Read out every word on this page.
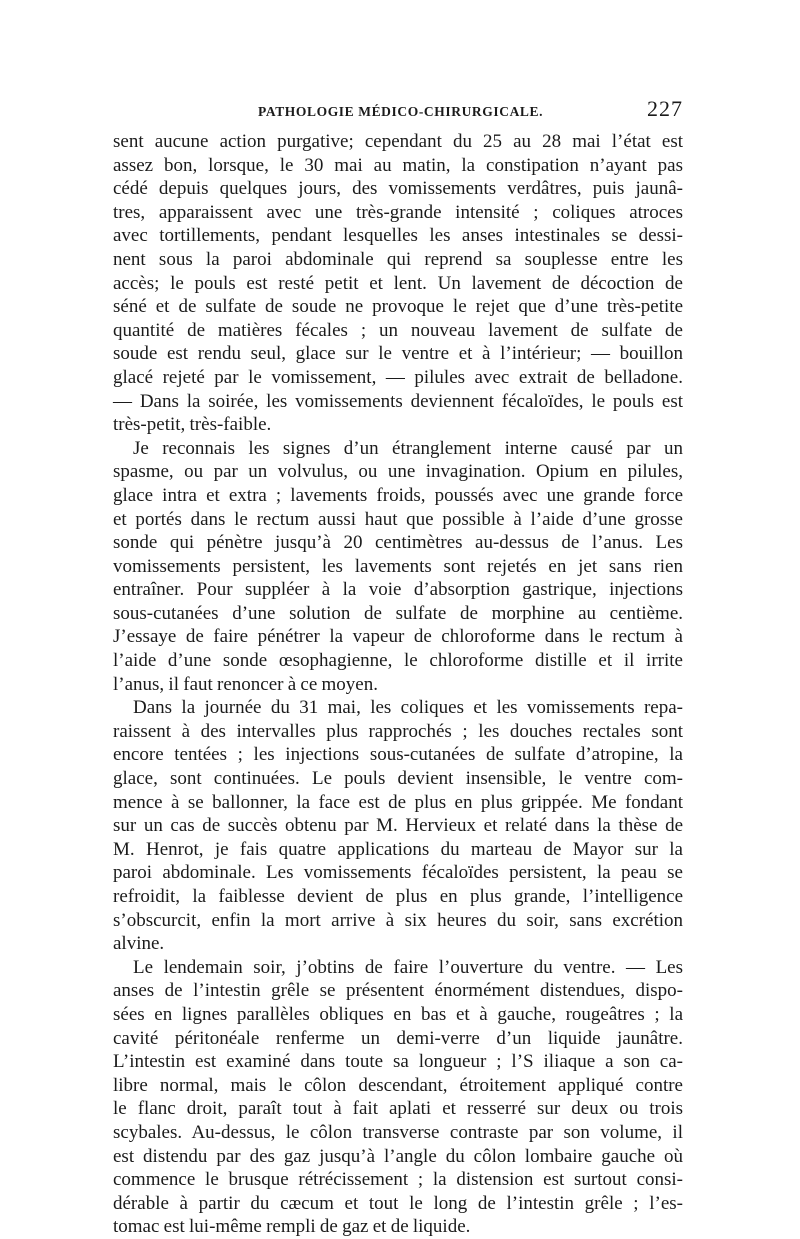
PATHOLOGIE MÉDICO-CHIRURGICALE.	227
sent aucune action purgative; cependant du 25 au 28 mai l’état est
assez bon, lorsque, le 30 mai au matin, la constipation n’ayant pas
cédé depuis quelques jours, des vomissements verdâtres, puis jaunâ-
tres, apparaissent avec une très-grande intensité ; coliques atroces
avec tortillements, pendant lesquelles les anses intestinales se dessi-
nent sous la paroi abdominale qui reprend sa souplesse entre les
accès; le pouls est resté petit et lent. Un lavement de décoction de
séné et de sulfate de soude ne provoque le rejet que d’une très-petite
quantité de matières fécales ; un nouveau lavement de sulfate de
soude est rendu seul, glace sur le ventre et à l’intérieur; — bouillon
glacé rejeté par le vomissement, — pilules avec extrait de belladone.
— Dans la soirée, les vomissements deviennent fécaloïdes, le pouls est
très-petit, très-faible.
Je reconnais les signes d’un étranglement interne causé par un
spasme, ou par un volvulus, ou une invagination. Opium en pilules,
glace intra et extra ; lavements froids, poussés avec une grande force
et portés dans le rectum aussi haut que possible à l’aide d’une grosse
sonde qui pénètre jusqu’à 20 centimètres au-dessus de l’anus. Les
vomissements persistent, les lavements sont rejetés en jet sans rien
entraîner. Pour suppléer à la voie d’absorption gastrique, injections
sous-cutanées d’une solution de sulfate de morphine au centième.
J’essaye de faire pénétrer la vapeur de chloroforme dans le rectum à
l’aide d’une sonde œsophagienne, le chloroforme distille et il irrite
l’anus, il faut renoncer à ce moyen.
Dans la journée du 31 mai, les coliques et les vomissements repa-
raissent à des intervalles plus rapprochés ; les douches rectales sont
encore tentées ; les injections sous-cutanées de sulfate d’atropine, la
glace, sont continuées. Le pouls devient insensible, le ventre com-
mence à se ballonner, la face est de plus en plus grippée. Me fondant
sur un cas de succès obtenu par M. Hervieux et relaté dans la thèse de
M. Henrot, je fais quatre applications du marteau de Mayor sur la
paroi abdominale. Les vomissements fécaloïdes persistent, la peau se
refroidit, la faiblesse devient de plus en plus grande, l’intelligence
s’obscurcit, enfin la mort arrive à six heures du soir, sans excrétion
alvine.
Le lendemain soir, j’obtins de faire l’ouverture du ventre. — Les
anses de l’intestin grêle se présentent énormément distendues, dispo-
sées en lignes parallèles obliques en bas et à gauche, rougeâtres ; la
cavité péritonéale renferme un demi-verre d’un liquide jaunâtre.
L’intestin est examiné dans toute sa longueur ; l’S iliaque a son ca-
libre normal, mais le côlon descendant, étroitement appliqué contre
le flanc droit, paraît tout à fait aplati et resserré sur deux ou trois
scybales. Au-dessus, le côlon transverse contraste par son volume, il
est distendu par des gaz jusqu’à l’angle du côlon lombaire gauche où
commence le brusque rétrécissement ; la distension est surtout consi-
dérable à partir du cæcum et tout le long de l’intestin grêle ; l’es-
tomac est lui-même rempli de gaz et de liquide.
